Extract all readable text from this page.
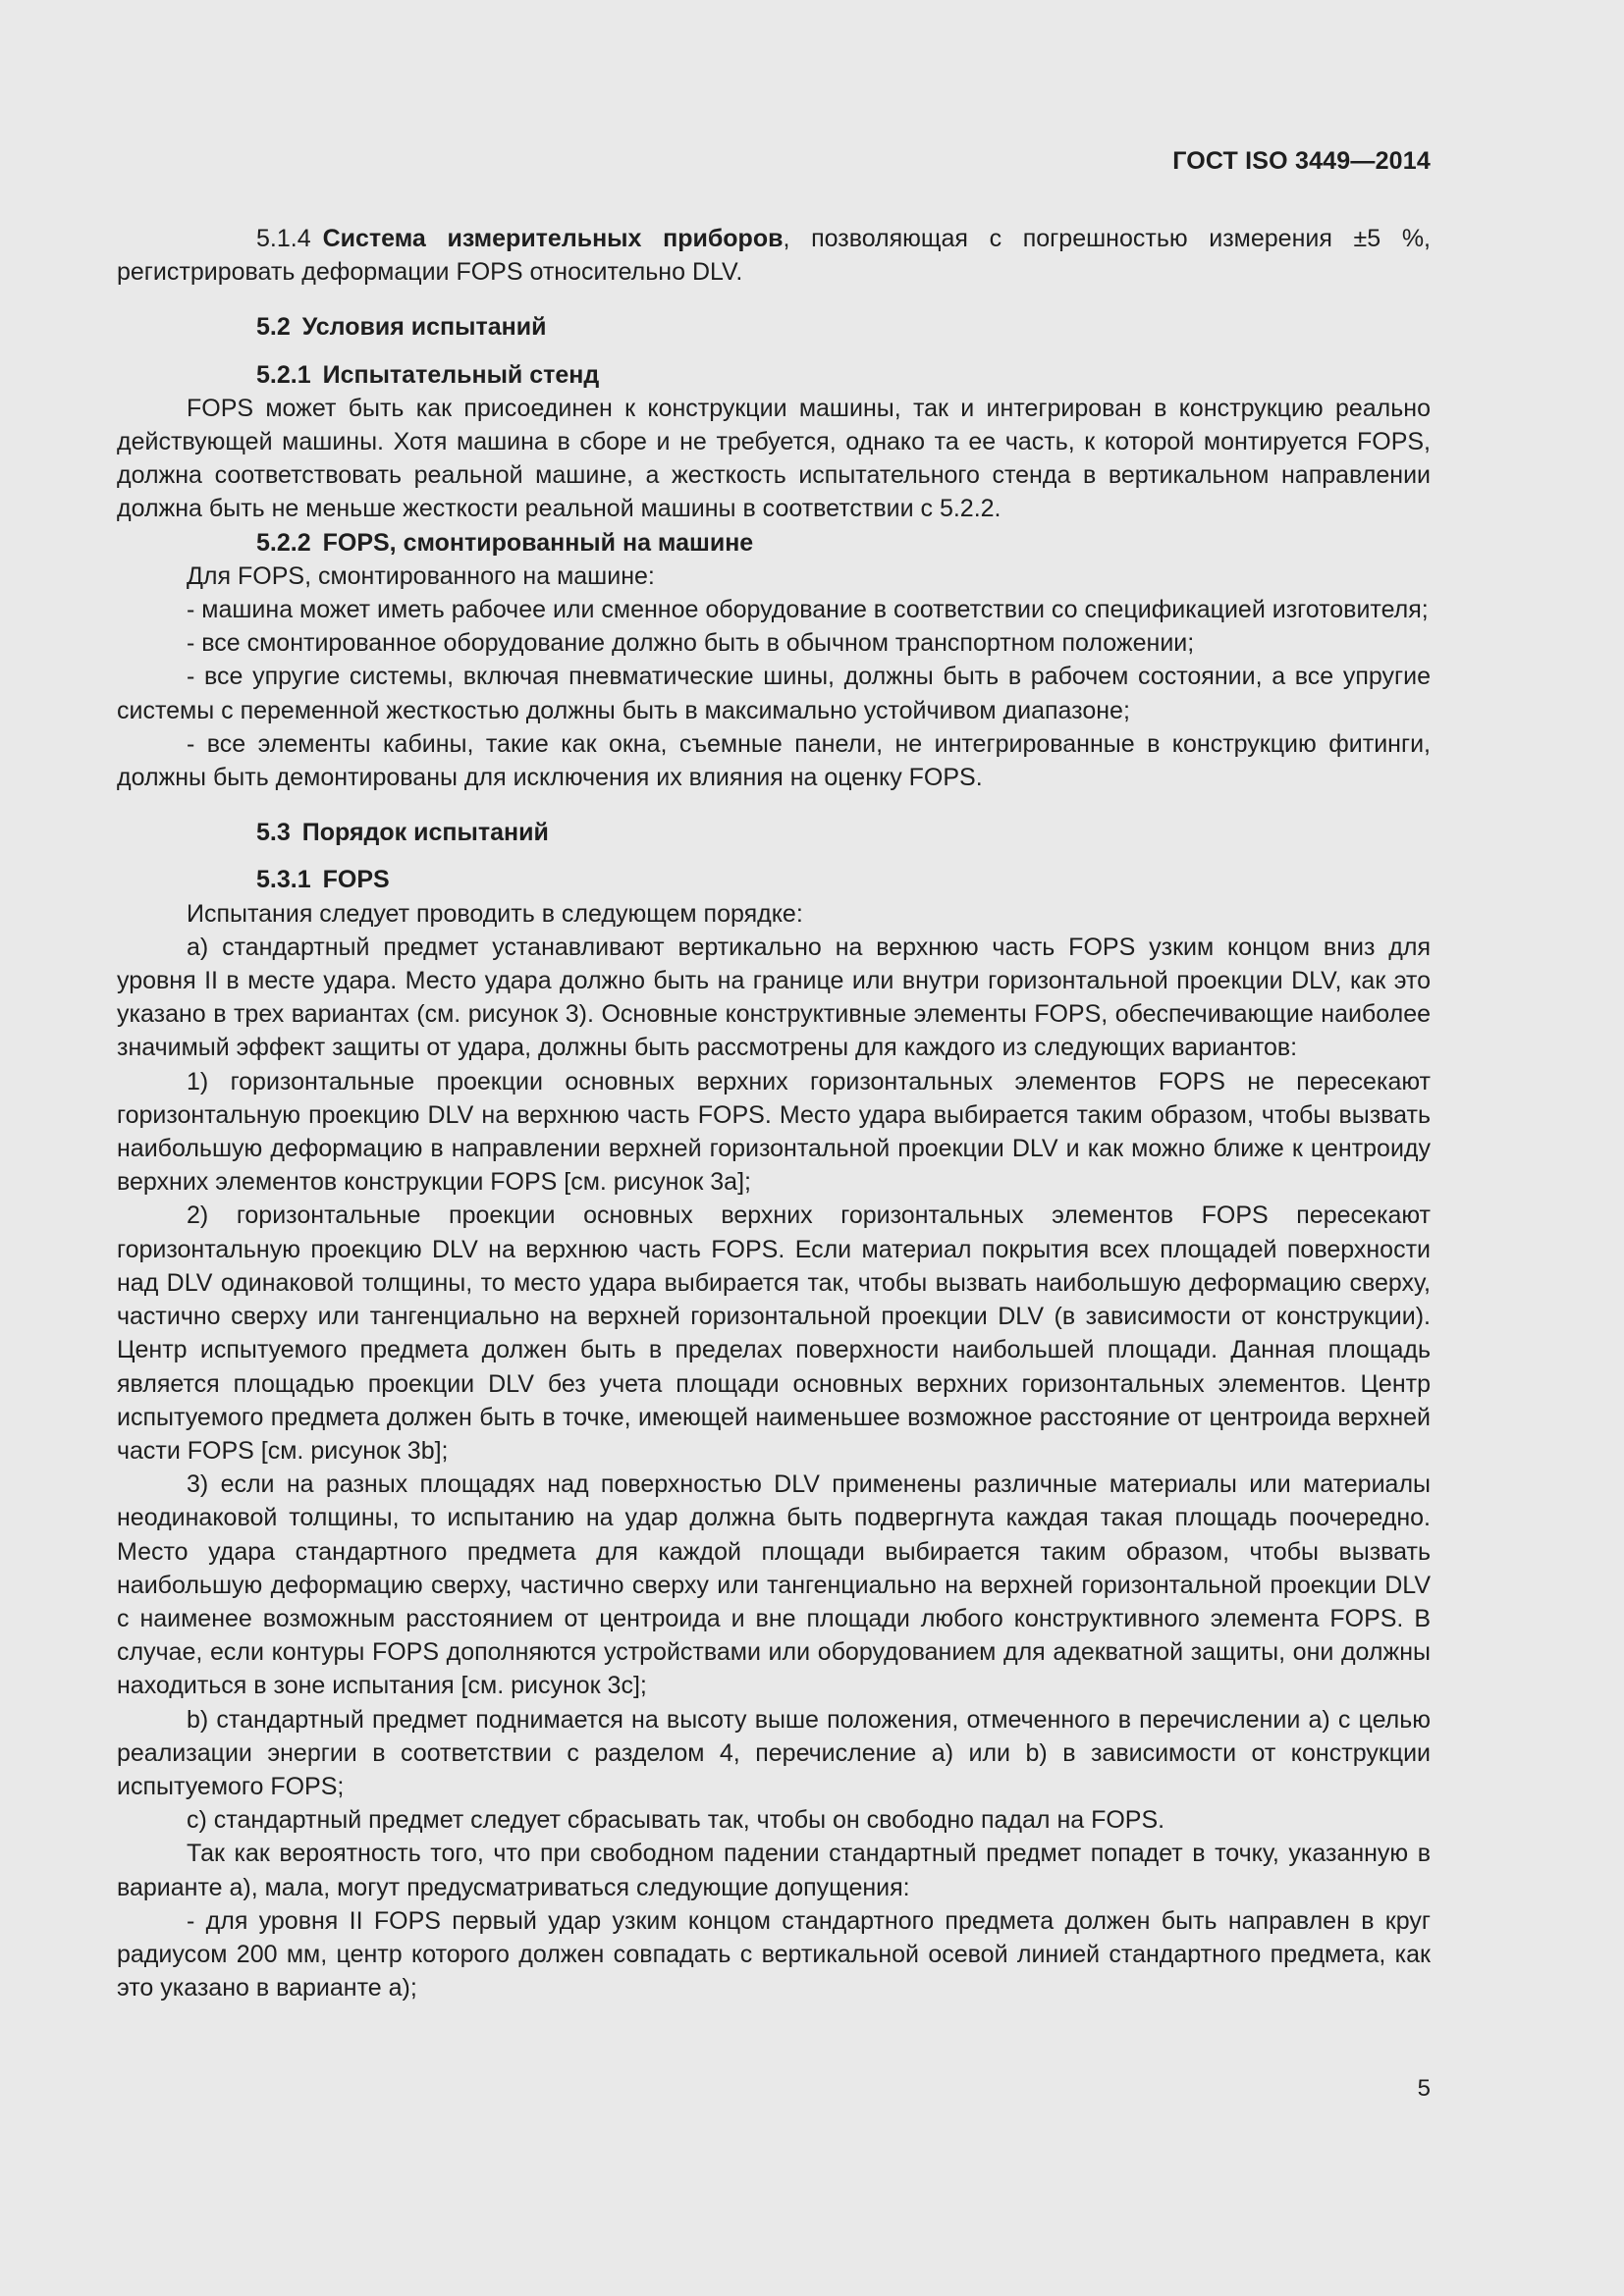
ГОСТ ISO 3449—2014

5.1.4 Система измерительных приборов, позволяющая с погрешностью измерения ±5 %, регистрировать деформации FOPS относительно DLV.

5.2 Условия испытаний

5.2.1 Испытательный стенд

FOPS может быть как присоединен к конструкции машины, так и интегрирован в конструкцию реально действующей машины. Хотя машина в сборе и не требуется, однако та ее часть, к которой монтируется FOPS, должна соответствовать реальной машине, а жесткость испытательного стенда в вертикальном направлении должна быть не меньше жесткости реальной машины в соответствии с 5.2.2.

5.2.2 FOPS, смонтированный на машине

Для FOPS, смонтированного на машине:

- машина может иметь рабочее или сменное оборудование в соответствии со спецификацией изготовителя;

- все смонтированное оборудование должно быть в обычном транспортном положении;

- все упругие системы, включая пневматические шины, должны быть в рабочем состоянии, а все упругие системы с переменной жесткостью должны быть в максимально устойчивом диапазоне;

- все элементы кабины, такие как окна, съемные панели, не интегрированные в конструкцию фитинги, должны быть демонтированы для исключения их влияния на оценку FOPS.

5.3 Порядок испытаний

5.3.1 FOPS

Испытания следует проводить в следующем порядке:

a) стандартный предмет устанавливают вертикально на верхнюю часть FOPS узким концом вниз для уровня II в месте удара. Место удара должно быть на границе или внутри горизонтальной проекции DLV, как это указано в трех вариантах (см. рисунок 3). Основные конструктивные элементы FOPS, обеспечивающие наиболее значимый эффект защиты от удара, должны быть рассмотрены для каждого из следующих вариантов:

1) горизонтальные проекции основных верхних горизонтальных элементов FOPS не пересекают горизонтальную проекцию DLV на верхнюю часть FOPS. Место удара выбирается таким образом, чтобы вызвать наибольшую деформацию в направлении верхней горизонтальной проекции DLV и как можно ближе к центроиду верхних элементов конструкции FOPS [см. рисунок 3a];

2) горизонтальные проекции основных верхних горизонтальных элементов FOPS пересекают горизонтальную проекцию DLV на верхнюю часть FOPS. Если материал покрытия всех площадей поверхности над DLV одинаковой толщины, то место удара выбирается так, чтобы вызвать наибольшую деформацию сверху, частично сверху или тангенциально на верхней горизонтальной проекции DLV (в зависимости от конструкции). Центр испытуемого предмета должен быть в пределах поверхности наибольшей площади. Данная площадь является площадью проекции DLV без учета площади основных верхних горизонтальных элементов. Центр испытуемого предмета должен быть в точке, имеющей наименьшее возможное расстояние от центроида верхней части FOPS [см. рисунок 3b];

3) если на разных площадях над поверхностью DLV применены различные материалы или материалы неодинаковой толщины, то испытанию на удар должна быть подвергнута каждая такая площадь поочередно. Место удара стандартного предмета для каждой площади выбирается таким образом, чтобы вызвать наибольшую деформацию сверху, частично сверху или тангенциально на верхней горизонтальной проекции DLV с наименее возможным расстоянием от центроида и вне площади любого конструктивного элемента FOPS. В случае, если контуры FOPS дополняются устройствами или оборудованием для адекватной защиты, они должны находиться в зоне испытания [см. рисунок 3c];

b) стандартный предмет поднимается на высоту выше положения, отмеченного в перечислении a) с целью реализации энергии в соответствии с разделом 4, перечисление a) или b) в зависимости от конструкции испытуемого FOPS;

c) стандартный предмет следует сбрасывать так, чтобы он свободно падал на FOPS.

Так как вероятность того, что при свободном падении стандартный предмет попадет в точку, указанную в варианте a), мала, могут предусматриваться следующие допущения:

- для уровня II FOPS первый удар узким концом стандартного предмета должен быть направлен в круг радиусом 200 мм, центр которого должен совпадать с вертикальной осевой линией стандартного предмета, как это указано в варианте a);

5
